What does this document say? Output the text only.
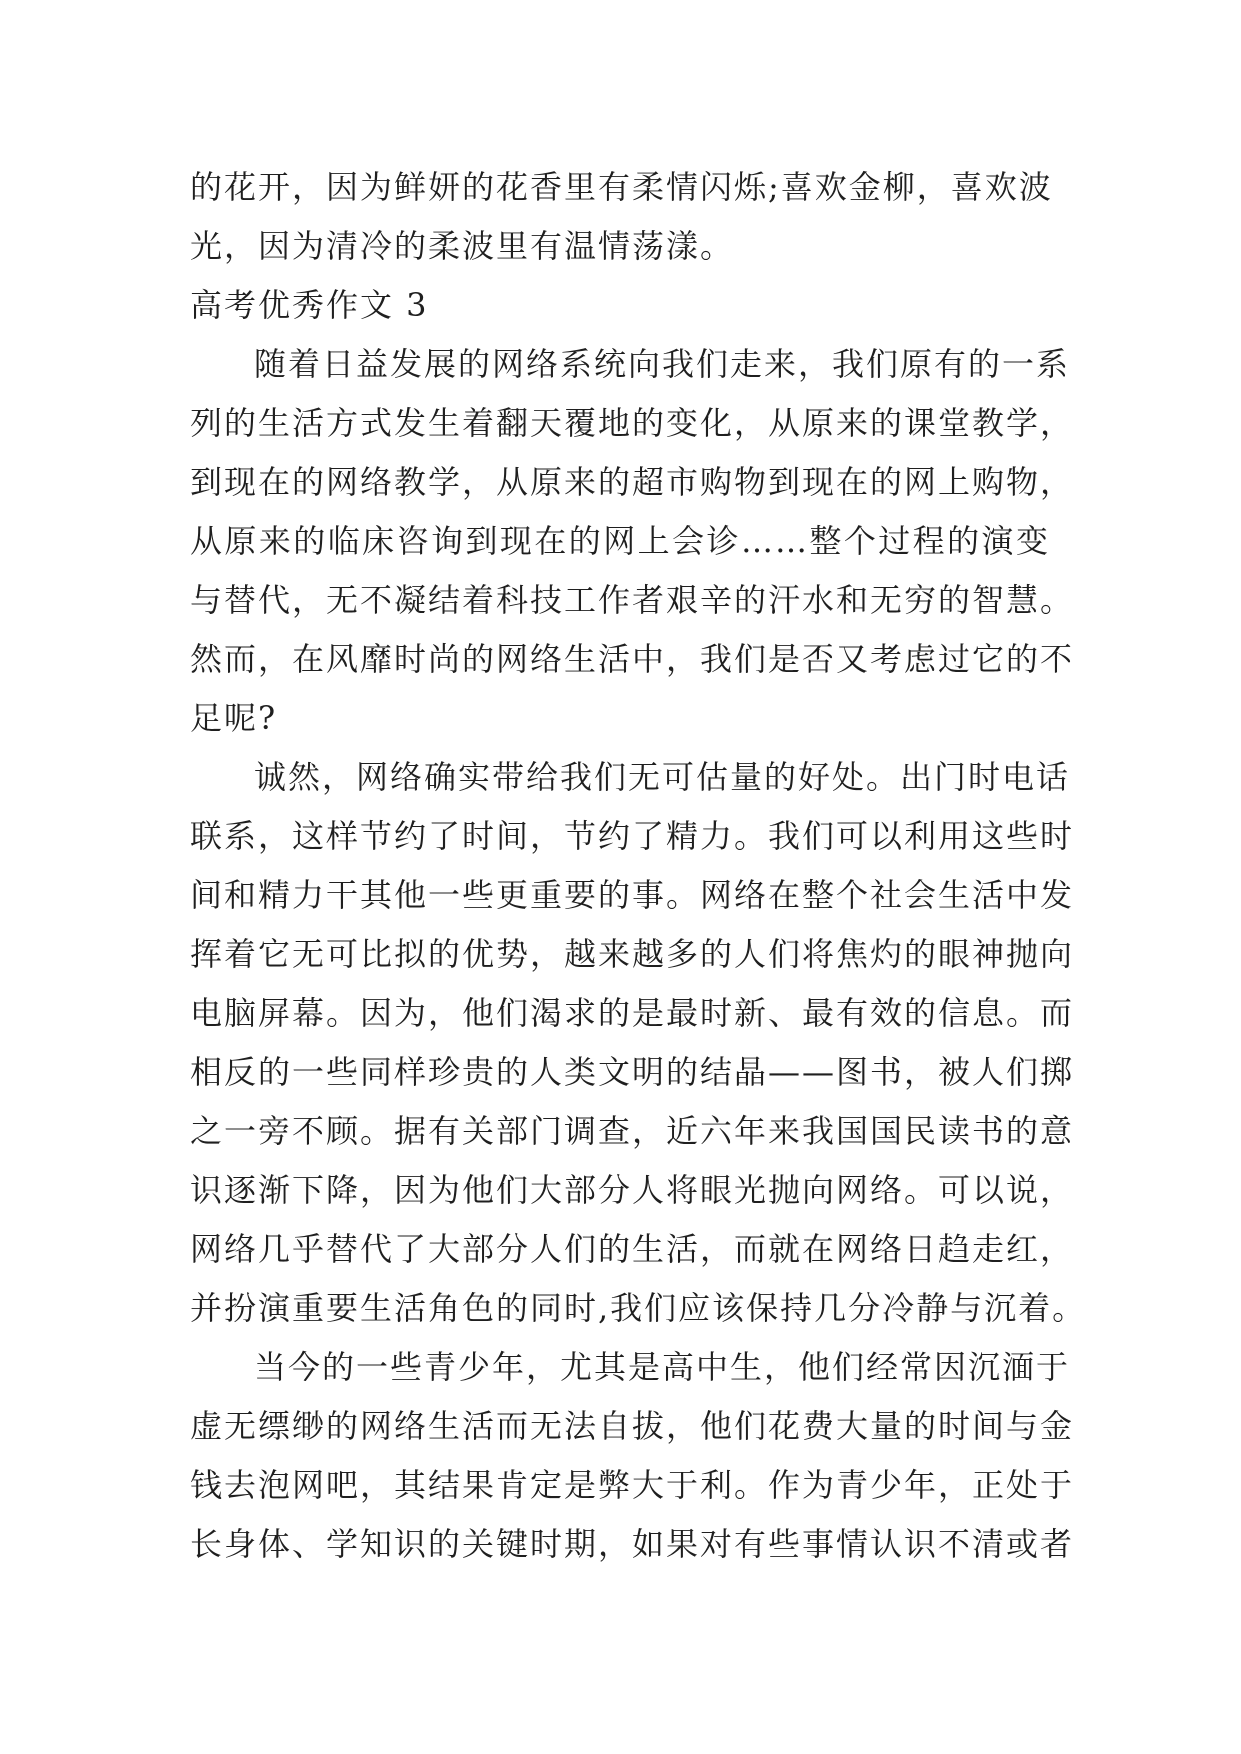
的花开，因为鲜妍的花香里有柔情闪烁;喜欢金柳，喜欢波
光，因为清冷的柔波里有温情荡漾。
高考优秀作文 3
随着日益发展的网络系统向我们走来，我们原有的一系
列的生活方式发生着翻天覆地的变化，从原来的课堂教学，
到现在的网络教学，从原来的超市购物到现在的网上购物，
从原来的临床咨询到现在的网上会诊……整个过程的演变
与替代，无不凝结着科技工作者艰辛的汗水和无穷的智慧。
然而，在风靡时尚的网络生活中，我们是否又考虑过它的不
足呢?
诚然，网络确实带给我们无可估量的好处。出门时电话
联系，这样节约了时间，节约了精力。我们可以利用这些时
间和精力干其他一些更重要的事。网络在整个社会生活中发
挥着它无可比拟的优势，越来越多的人们将焦灼的眼神抛向
电脑屏幕。因为，他们渴求的是最时新、最有效的信息。而
相反的一些同样珍贵的人类文明的结晶——图书，被人们掷
之一旁不顾。据有关部门调查，近六年来我国国民读书的意
识逐渐下降，因为他们大部分人将眼光抛向网络。可以说，
网络几乎替代了大部分人们的生活，而就在网络日趋走红，
并扮演重要生活角色的同时,我们应该保持几分冷静与沉着。
当今的一些青少年，尤其是高中生，他们经常因沉湎于
虚无缥缈的网络生活而无法自拔，他们花费大量的时间与金
钱去泡网吧，其结果肯定是弊大于利。作为青少年，正处于
长身体、学知识的关键时期，如果对有些事情认识不清或者
